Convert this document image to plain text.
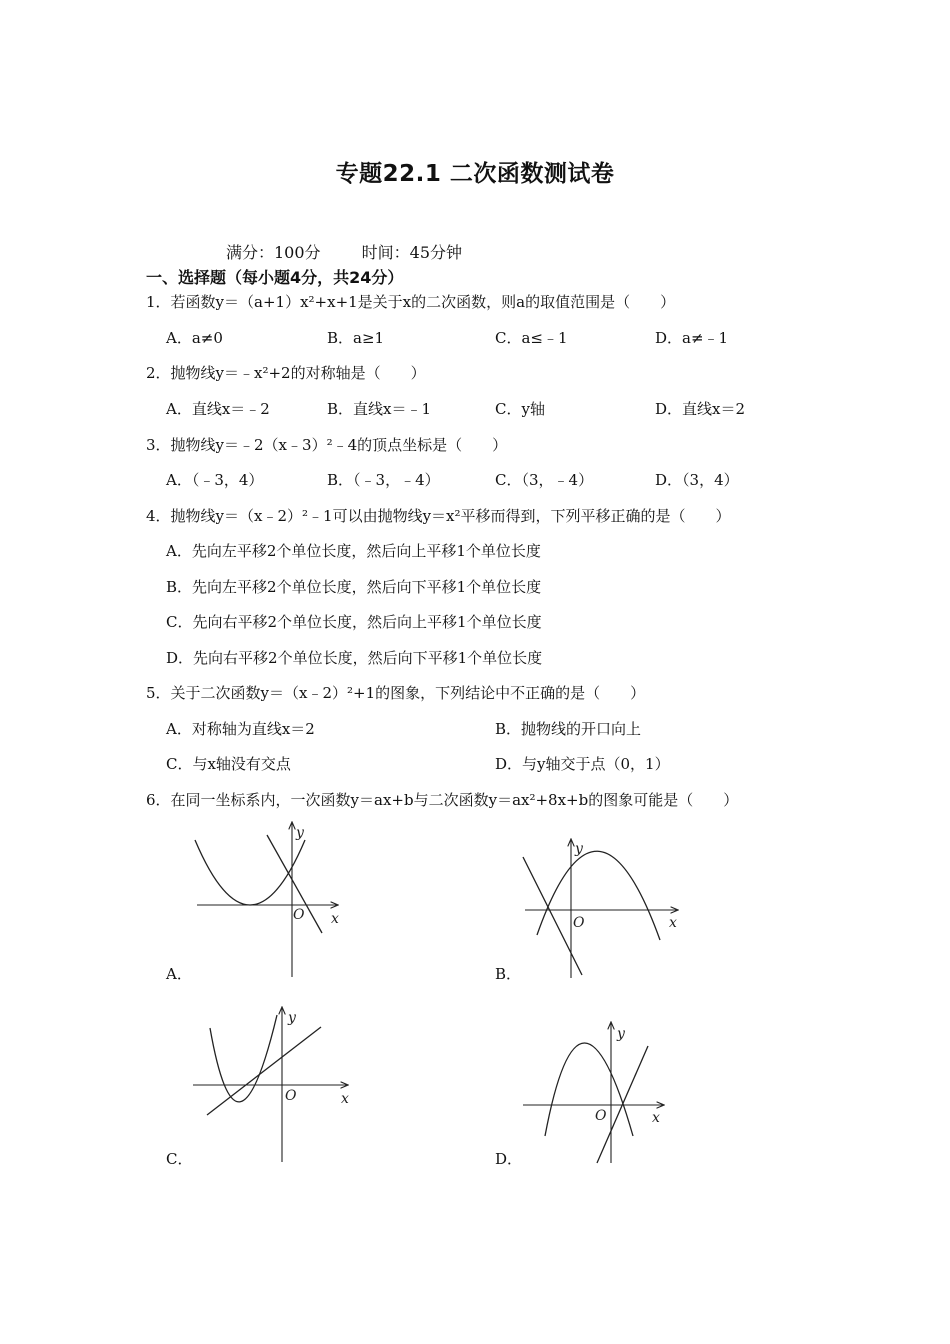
专题22.1 二次函数测试卷
满分：100分	时间：45分钟
一、选择题（每小题4分，共24分）
1．若函数y＝（a+1）x²+x+1是关于x的二次函数，则a的取值范围是（　　）
A．a≠0	B．a≥1	C．a≤﹣1	D．a≠﹣1
2．抛物线y＝﹣x²+2的对称轴是（　　）
A．直线x＝﹣2	B．直线x＝﹣1	C．y轴	D．直线x＝2
3．抛物线y＝﹣2（x﹣3）²﹣4的顶点坐标是（　　）
A．（﹣3，4）	B．（﹣3，﹣4）	C．（3，﹣4）	D．（3，4）
4．抛物线y＝（x﹣2）²﹣1可以由抛物线y＝x²平移而得到，下列平移正确的是（　　）
A．先向左平移2个单位长度，然后向上平移1个单位长度
B．先向左平移2个单位长度，然后向下平移1个单位长度
C．先向右平移2个单位长度，然后向上平移1个单位长度
D．先向右平移2个单位长度，然后向下平移1个单位长度
5．关于二次函数y＝（x﹣2）²+1的图象，下列结论中不正确的是（　　）
A．对称轴为直线x＝2	B．抛物线的开口向上
C．与x轴没有交点	D．与y轴交于点（0，1）
6．在同一坐标系内，一次函数y＝ax+b与二次函数y＝ax²+8x+b的图象可能是（　　）
y
x
O
A．
y
x
O
B．
y
x
O
C．
y
x
O
D．
